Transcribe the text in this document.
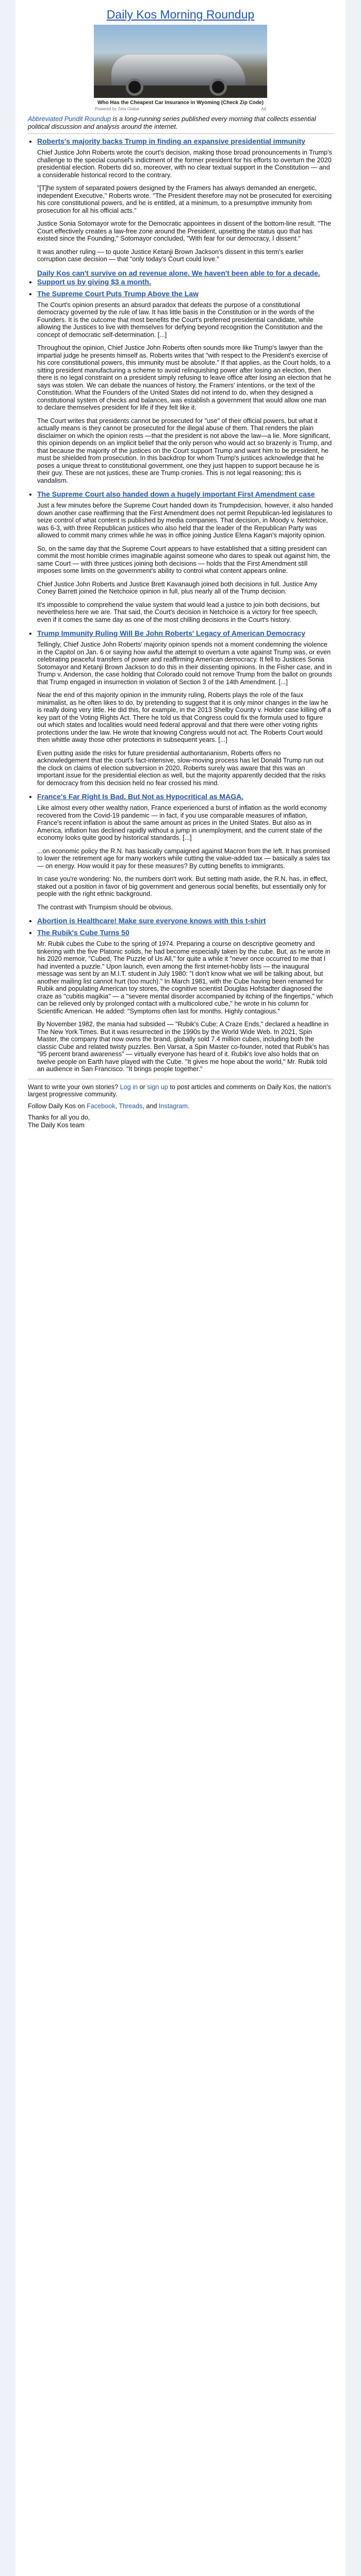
Daily Kos Morning Roundup
Who Has the Cheapest Car Insurance in Wyoming (Check Zip Code)
Powered by Zeta Global	Ad

Abbreviated Pundit Roundup is a long-running series published every morning that collects essential political discussion and analysis around the internet.

• Roberts's majority backs Trump in finding an expansive presidential immunity

Chief Justice John Roberts wrote the court's decision, making those broad pronouncements in Trump's challenge to the special counsel's indictment of the former president for his efforts to overturn the 2020 presidential election. Roberts did so, moreover, with no clear textual support in the Constitution — and a considerable historical record to the contrary.

"[T]he system of separated powers designed by the Framers has always demanded an energetic, independent Executive," Roberts wrote. "The President therefore may not be prosecuted for exercising his core constitutional powers, and he is entitled, at a minimum, to a presumptive immunity from prosecution for all his official acts."

Justice Sonia Sotomayor wrote for the Democratic appointees in dissent of the bottom-line result. "The Court effectively creates a law-free zone around the President, upsetting the status quo that has existed since the Founding," Sotomayor concluded, "With fear for our democracy, I dissent."

It was another ruling — to quote Justice Ketanji Brown Jackson's dissent in this term's earlier corruption case decision — that "only today's Court could love."

• Daily Kos can't survive on ad revenue alone. We haven't been able to for a decade. Support us by giving $3 a month.
• The Supreme Court Puts Trump Above the Law

The Court's opinion presents an absurd paradox that defeats the purpose of a constitutional democracy governed by the rule of law. It has little basis in the Constitution or in the words of the Founders. It is the outcome that most benefits the Court's preferred presidential candidate, while allowing the Justices to live with themselves for defying beyond recognition the Constitution and the concept of democratic self-determination. [...]

Throughout the opinion, Chief Justice John Roberts often sounds more like Trump's lawyer than the impartial judge he presents himself as. Roberts writes that "with respect to the President's exercise of his core constitutional powers, this immunity must be absolute." If that applies, as the Court holds, to a sitting president manufacturing a scheme to avoid relinquishing power after losing an election, then there is no legal constraint on a president simply refusing to leave office after losing an election that he says was stolen. We can debate the nuances of history, the Framers' intentions, or the text of the Constitution. What the Founders of the United States did not intend to do, when they designed a constitutional system of checks and balances, was establish a government that would allow one man to declare themselves president for life if they felt like it.

The Court writes that presidents cannot be prosecuted for "use" of their official powers, but what it actually means is they cannot be prosecuted for the illegal abuse of them. That renders the plain disclaimer on which the opinion rests —that the president is not above the law—a lie. More significant, this opinion depends on an implicit belief that the only person who would act so brazenly is Trump, and that because the majority of the justices on the Court support Trump and want him to be president, he must be shielded from prosecution. In this backdrop for whom Trump's justices acknowledge that he poses a unique threat to constitutional government, one they just happen to support because he is their guy. These are not justices, these are Trump cronies. This is not legal reasoning; this is vandalism.

• The Supreme Court also handed down a hugely important First Amendment case

Just a few minutes before the Supreme Court handed down its Trumpdecision, however, it also handed down another case reaffirming that the First Amendment does not permit Republican-led legislatures to seize control of what content is published by media companies. That decision, in Moody v. Netchoice, was 6-3, with three Republican justices who also held that the leader of the Republican Party was allowed to commit many crimes while he was in office joining Justice Elena Kagan's majority opinion.

So, on the same day that the Supreme Court appears to have established that a sitting president can commit the most horrible crimes imaginable against someone who dares to speak out against him, the same Court — with three justices joining both decisions — holds that the First Amendment still imposes some limits on the government's ability to control what content appears online.

Chief Justice John Roberts and Justice Brett Kavanaugh joined both decisions in full. Justice Amy Coney Barrett joined the Netchoice opinion in full, plus nearly all of the Trump decision.

It's impossible to comprehend the value system that would lead a justice to join both decisions, but nevertheless here we are. That said, the Court's decision in Netchoice is a victory for free speech, even if it comes the same day as one of the most chilling decisions in the Court's history.

• Trump Immunity Ruling Will Be John Roberts' Legacy of American Democracy

Tellingly, Chief Justice John Roberts' majority opinion spends not a moment condemning the violence in the Capitol on Jan. 6 or saying how awful the attempt to overturn a vote against Trump was, or even celebrating peaceful transfers of power and reaffirming American democracy. It fell to Justices Sonia Sotomayor and Ketanji Brown Jackson to do this in their dissenting opinions. In the Fisher case, and in Trump v. Anderson, the case holding that Colorado could not remove Trump from the ballot on grounds that Trump engaged in insurrection in violation of Section 3 of the 14th Amendment. [...]

Near the end of this majority opinion in the immunity ruling, Roberts plays the role of the faux minimalist, as he often likes to do, by pretending to suggest that it is only minor changes in the law he is really doing very little. He did this, for example, in the 2013 Shelby County v. Holder case killing off a key part of the Voting Rights Act. There he told us that Congress could fix the formula used to figure out which states and localities would need federal approval and that there were other voting rights protections under the law. He wrote that knowing Congress would not act. The Roberts Court would then whittle away those other protections in subsequent years. [...]

Even putting aside the risks for future presidential authoritarianism, Roberts offers no acknowledgement that the court's fact-intensive, slow-moving process has let Donald Trump run out the clock on claims of election subversion in 2020. Roberts surely was aware that this was an important issue for the presidential election as well, but the majority apparently decided that the risks for democracy from this decision held no fear crossed his mind.

• France's Far Right Is Bad. But Not as Hypocritical as MAGA.

Like almost every other wealthy nation, France experienced a burst of inflation as the world economy recovered from the Covid-19 pandemic — in fact, if you use comparable measures of inflation, France's recent inflation is about the same amount as prices in the United States. But also as in America, inflation has declined rapidly without a jump in unemployment, and the current state of the economy looks quite good by historical standards. [...]

...on economic policy the R.N. has basically campaigned against Macron from the left. It has promised to lower the retirement age for many workers while cutting the value-added tax — basically a sales tax — on energy. How would it pay for these measures? By cutting benefits to immigrants.

In case you're wondering: No, the numbers don't work. But setting math aside, the R.N. has, in effect, staked out a position in favor of big government and generous social benefits, but essentially only for people with the right ethnic background.

The contrast with Trumpism should be obvious.

• Abortion is Healthcare! Make sure everyone knows with this t-shirt
• The Rubik's Cube Turns 50

Mr. Rubik cubes the Cube to the spring of 1974. Preparing a course on descriptive geometry and tinkering with the five Platonic solids, he had become especially taken by the cube. But, as he wrote in his 2020 memoir, "Cubed, The Puzzle of Us All," for quite a while it "never once occurred to me that I had invented a puzzle." Upon launch, even among the first internet-hobby lists — the inaugural message was sent by an M.I.T. student in July 1980: "I don't know what we will be talking about, but another mailing list cannot hurt (too much)." In March 1981, with the Cube having been renamed for Rubik and populating American toy stores, the cognitive scientist Douglas Hofstadter diagnosed the craze as "cubitis magikia" — a "severe mental disorder accompanied by itching of the fingertips," which can be relieved only by prolonged contact with a multicolored cube," he wrote in his column for Scientific American. He added: "Symptoms often last for months. Highly contagious."

By November 1982, the mania had subsided — "Rubik's Cube; A Craze Ends," declared a headline in The New York Times. But it was resurrected in the 1990s by the World Wide Web. In 2021, Spin Master, the company that now owns the brand, globally sold 7.4 million cubes, including both the classic Cube and related twisty puzzles. Ben Varsat, a Spin Master co-founder, noted that Rubik's has "95 percent brand awareness" — virtually everyone has heard of it. Rubik's love also holds that on twelve people on Earth have played with the Cube. "It gives me hope about the world," Mr. Rubik told an audience in San Francisco. "It brings people together."

Want to write your own stories? Log in or sign up to post articles and comments on Daily Kos, the nation's largest progressive community.

Follow Daily Kos on Facebook, Threads, and Instagram.

Thanks for all you do,
The Daily Kos team
